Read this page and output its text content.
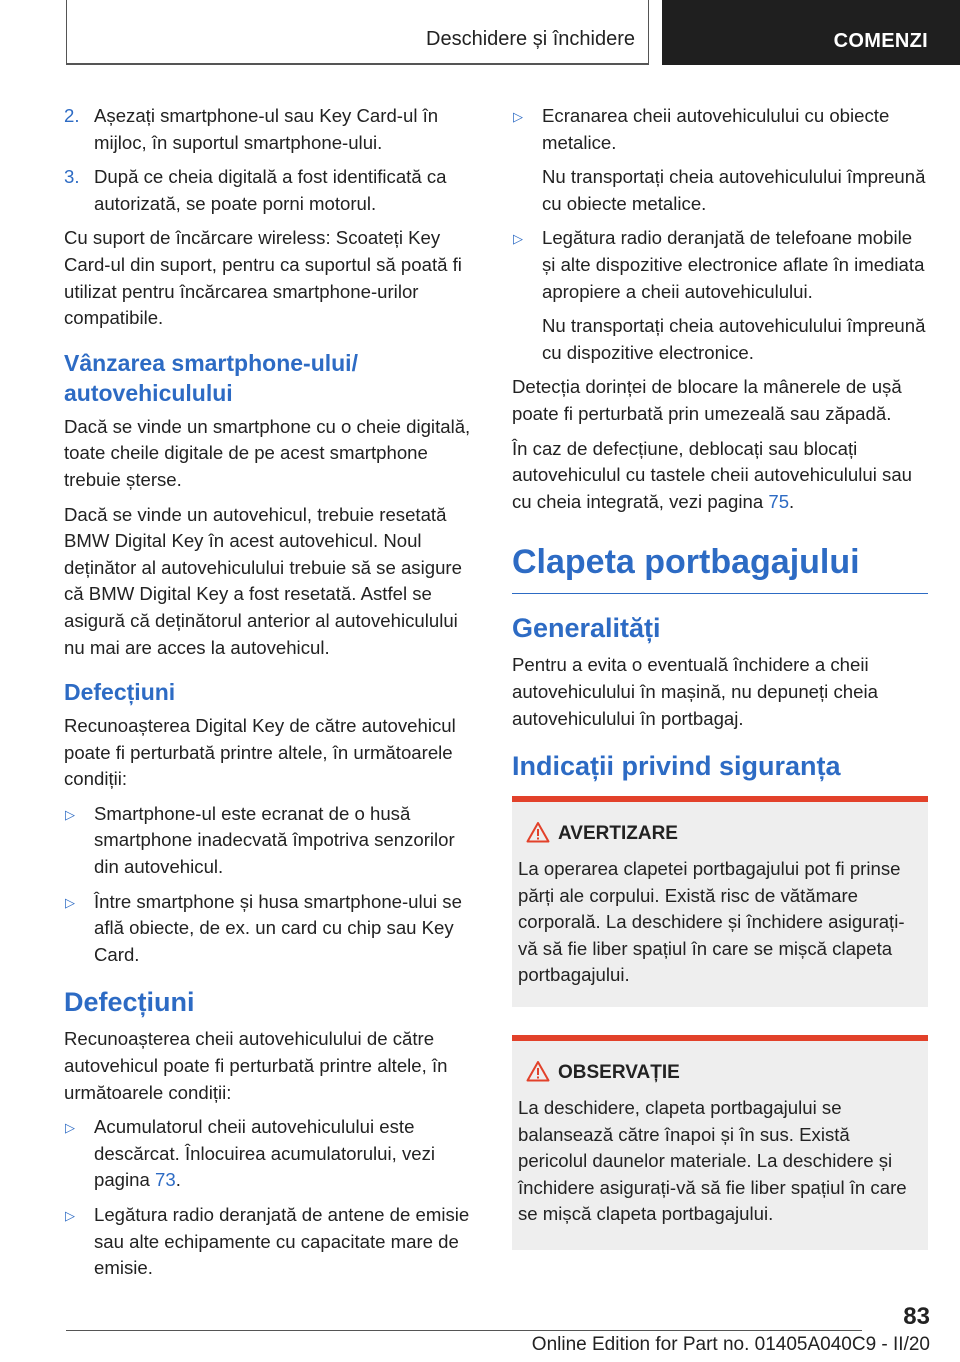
Deschidere și închidere	COMENZI
2. Așezați smartphone-ul sau Key Card-ul în mijloc, în suportul smartphone-ului.
3. După ce cheia digitală a fost identificată ca autorizată, se poate porni motorul.

Cu suport de încărcare wireless: Scoateți Key Card-ul din suport, pentru ca suportul să poată fi utilizat pentru încărcarea smartphone-urilor compatibile.

Vânzarea smartphone-ului/ autovehiculului

Dacă se vinde un smartphone cu o cheie digitală, toate cheile digitale de pe acest smartphone trebuie șterse.

Dacă se vinde un autovehicul, trebuie resetată BMW Digital Key în acest autovehicul. Noul deținător al autovehiculului trebuie să se asigure că BMW Digital Key a fost resetată. Astfel se asigură că deținătorul anterior al autovehiculului nu mai are acces la autovehicul.

Defecțiuni

Recunoașterea Digital Key de către autovehicul poate fi perturbată printre altele, în următoarele condiții:

▷ Smartphone-ul este ecranat de o husă smartphone inadecvată împotriva senzorilor din autovehicul.
▷ Între smartphone și husa smartphone-ului se află obiecte, de ex. un card cu chip sau Key Card.
Defecțiuni

Recunoașterea cheii autovehiculului de către autovehicul poate fi perturbată printre altele, în următoarele condiții:

▷ Acumulatorul cheii autovehiculului este descărcat. Înlocuirea acumulatorului, vezi pagina 73.
▷ Legătura radio deranjată de antene de emisie sau alte echipamente cu capacitate mare de emisie.
▷ Ecranarea cheii autovehiculului cu obiecte metalice.
Nu transportați cheia autovehiculului împreună cu obiecte metalice.
▷ Legătura radio deranjată de telefoane mobile și alte dispozitive electronice aflate în imediata apropiere a cheii autovehiculului.
Nu transportați cheia autovehiculului împreună cu dispozitive electronice.

Detecția dorinței de blocare la mânerele de ușă poate fi perturbată prin umezeală sau zăpadă.

În caz de defecțiune, deblocați sau blocați autovehiculul cu tastele cheii autovehiculului sau cu cheia integrată, vezi pagina 75.

Clapeta portbagajului
Generalități

Pentru a evita o eventuală închidere a cheii autovehiculului în mașină, nu depuneți cheia autovehiculului în portbagaj.

Indicații privind siguranța
AVERTIZARE
La operarea clapetei portbagajului pot fi prinse părți ale corpului. Există risc de vătămare corporală. La deschidere și închidere asigurați-vă să fie liber spațiul în care se mișcă clapeta portbagajului.
OBSERVAȚIE
La deschidere, clapeta portbagajului se balansează către înapoi și în sus. Există pericolul daunelor materiale. La deschidere și închidere asigurați-vă să fie liber spațiul în care se mișcă clapeta portbagajului.
83
Online Edition for Part no. 01405A040C9 - II/20
